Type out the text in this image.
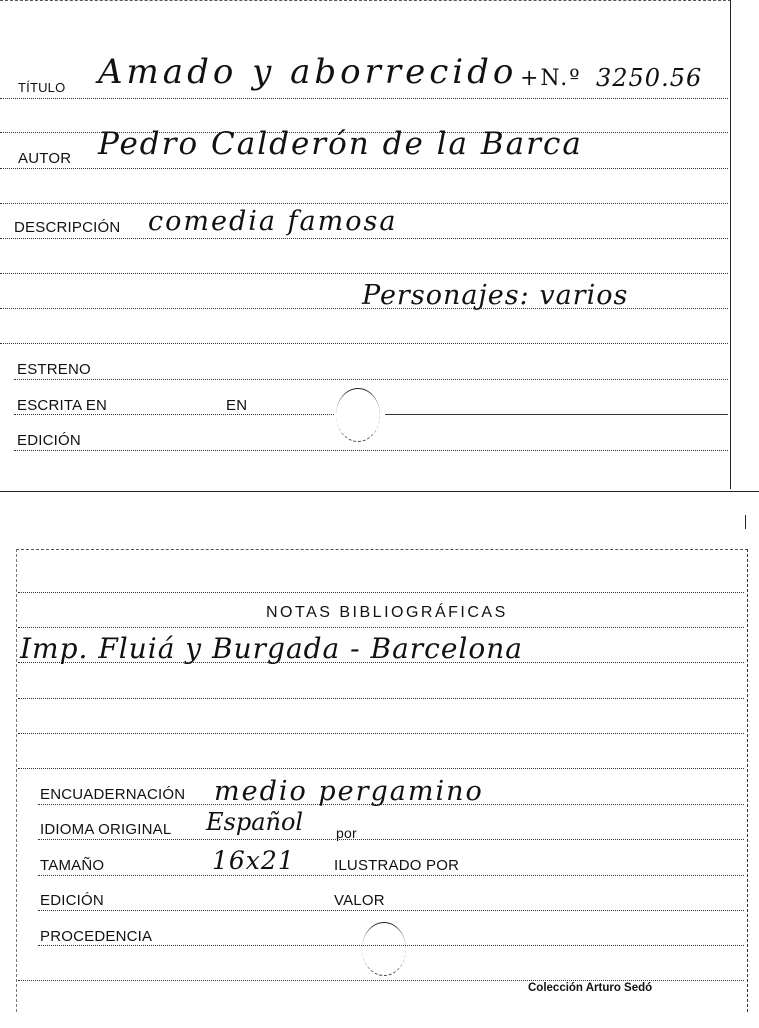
TÍTULO Amado y aborrecido +N.º 3250.56
AUTOR Pedro Calderón de la Barca
DESCRIPCIÓN comedia famosa
Personajes: varios
ESTRENO
ESCRITA EN	EN
EDICIÓN
NOTAS BIBLIOGRÁFICAS
Imp. Fluiá y Burgada - Barcelona
ENCUADERNACIÓN medio pergamino
IDIOMA ORIGINAL Español por
TAMAÑO	16x21	ILUSTRADO POR
EDICIÓN	VALOR
PROCEDENCIA
Colección Arturo Sedó
